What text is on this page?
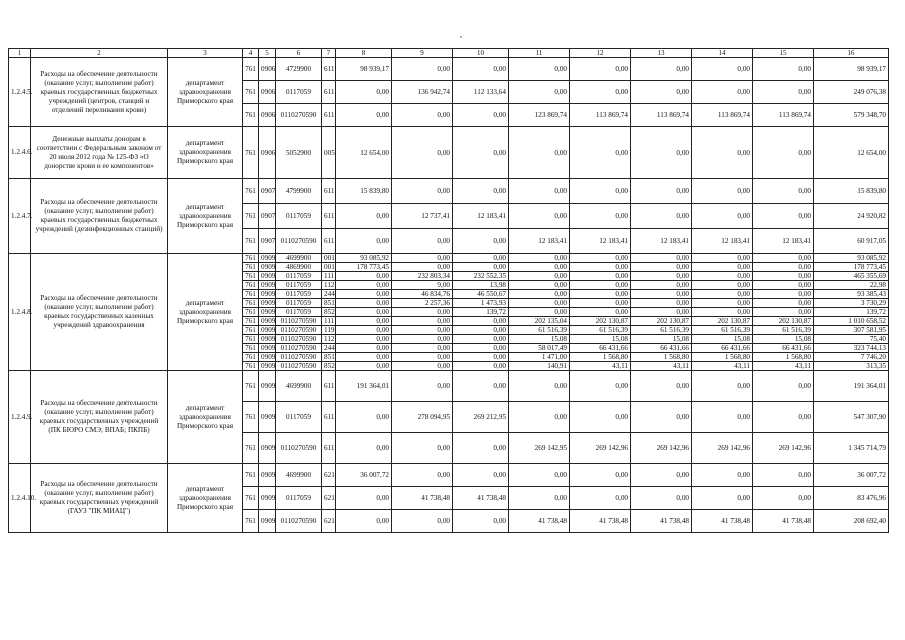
,
1	2	3	4	5	6	7	8	9	10	11	12	13	14	15	16
1.2.4.5.	Расходы на обеспечение деятельности (оказание услуг, выполнение работ) краевых государственных бюджетных учреждений (центров, станций и отделений переливания крови)	департамент здравоохранения Приморского края	761	0906	4729900	611	98 939,17	0,00	0,00	0,00	0,00	0,00	0,00	0,00	98 939,17
			761	0906	0117059	611	0,00	136 942,74	112 133,64	0,00	0,00	0,00	0,00	0,00	249 076,38
			761	0906	0110270590	611	0,00	0,00	0,00	123 869,74	113 869,74	113 869,74	113 869,74	113 869,74	579 348,70
1.2.4.6.	Денежные выплаты донорам в соответствии с Федеральным законом от 20 июля 2012 года № 125-ФЗ «О донорстве крови и ее компонентов»	департамент здравоохранения Приморского края	761	0906	5052900	005	12 654,00	0,00	0,00	0,00	0,00	0,00	0,00	0,00	12 654,00
1.2.4.7.	Расходы на обеспечение деятельности (оказание услуг, выполнение работ) краевых государственных бюджетных учреждений (дезинфекционных станций)	департамент здравоохранения Приморского края	761	0907	4799900	611	15 839,80	0,00	0,00	0,00	0,00	0,00	0,00	0,00	15 839,80
			761	0907	0117059	611	0,00	12 737,41	12 183,41	0,00	0,00	0,00	0,00	0,00	24 920,82
			761	0907	0110270590	611	0,00	0,00	0,00	12 183,41	12 183,41	12 183,41	12 183,41	12 183,41	60 917,05
1.2.4.8.	Расходы на обеспечение деятельности (оказание услуг, выполнение работ) краевых государственных казенных учреждений здравоохранения	департамент здравоохранения Приморского края	761	0909	4699900	001	93 085,92	0,00	0,00	0,00	0,00	0,00	0,00	0,00	93 085,92
			761	0909	4869900	001	178 773,45	0,00	0,00	0,00	0,00	0,00	0,00	0,00	178 773,45
			761	0909	0117059	111	0,00	232 803,34	232 552,35	0,00	0,00	0,00	0,00	0,00	465 355,69
			761	0909	0117059	112	0,00	9,00	13,98	0,00	0,00	0,00	0,00	0,00	22,98
			761	0909	0117059	244	0,00	46 834,76	46 550,67	0,00	0,00	0,00	0,00	0,00	93 385,43
			761	0909	0117059	851	0,00	2 257,36	1 473,93	0,00	0,00	0,00	0,00	0,00	3 730,29
			761	0909	0117059	852	0,00	0,00	139,72	0,00	0,00	0,00	0,00	0,00	139,72
			761	0909	0110270590	111	0,00	0,00	0,00	202 135,04	202 130,87	202 130,87	202 130,87	202 130,87	1 010 658,52
			761	0909	0110270590	119	0,00	0,00	0,00	61 516,39	61 516,39	61 516,39	61 516,39	61 516,39	307 581,95
			761	0909	0110270590	112	0,00	0,00	0,00	15,08	15,08	15,08	15,08	15,08	75,40
			761	0909	0110270590	244	0,00	0,00	0,00	58 017,49	66 431,66	66 431,66	66 431,66	66 431,66	323 744,13
			761	0909	0110270590	851	0,00	0,00	0,00	1 471,00	1 568,80	1 568,80	1 568,80	1 568,80	7 746,20
			761	0909	0110270590	852	0,00	0,00	0,00	140,91	43,11	43,11	43,11	43,11	313,35
1.2.4.9.	Расходы на обеспечение деятельности (оказание услуг, выполнение работ) краевых государственных учреждений (ПК БЮРО СМЭ; ВПАБ; ПКПБ)	департамент здравоохранения Приморского края	761	0909	4699900	611	191 364,01	0,00	0,00	0,00	0,00	0,00	0,00	0,00	191 364,01
			761	0909	0117059	611	0,00	278 094,95	269 212,95	0,00	0,00	0,00	0,00	0,00	547 307,90
			761	0909	0110270590	611	0,00	0,00	0,00	269 142,95	269 142,96	269 142,96	269 142,96	269 142,96	1 345 714,79
1.2.4.10.	Расходы на обеспечение деятельности (оказание услуг, выполнение работ) краевых государственных учреждений (ГАУЗ "ПК МИАЦ")	департамент здравоохранения Приморского края	761	0909	4699900	621	36 007,72	0,00	0,00	0,00	0,00	0,00	0,00	0,00	36 007,72
			761	0909	0117059	621	0,00	41 738,48	41 738,48	0,00	0,00	0,00	0,00	0,00	83 476,96
			761	0909	0110270590	621	0,00	0,00	0,00	41 738,48	41 738,48	41 738,48	41 738,48	41 738,48	208 692,40
